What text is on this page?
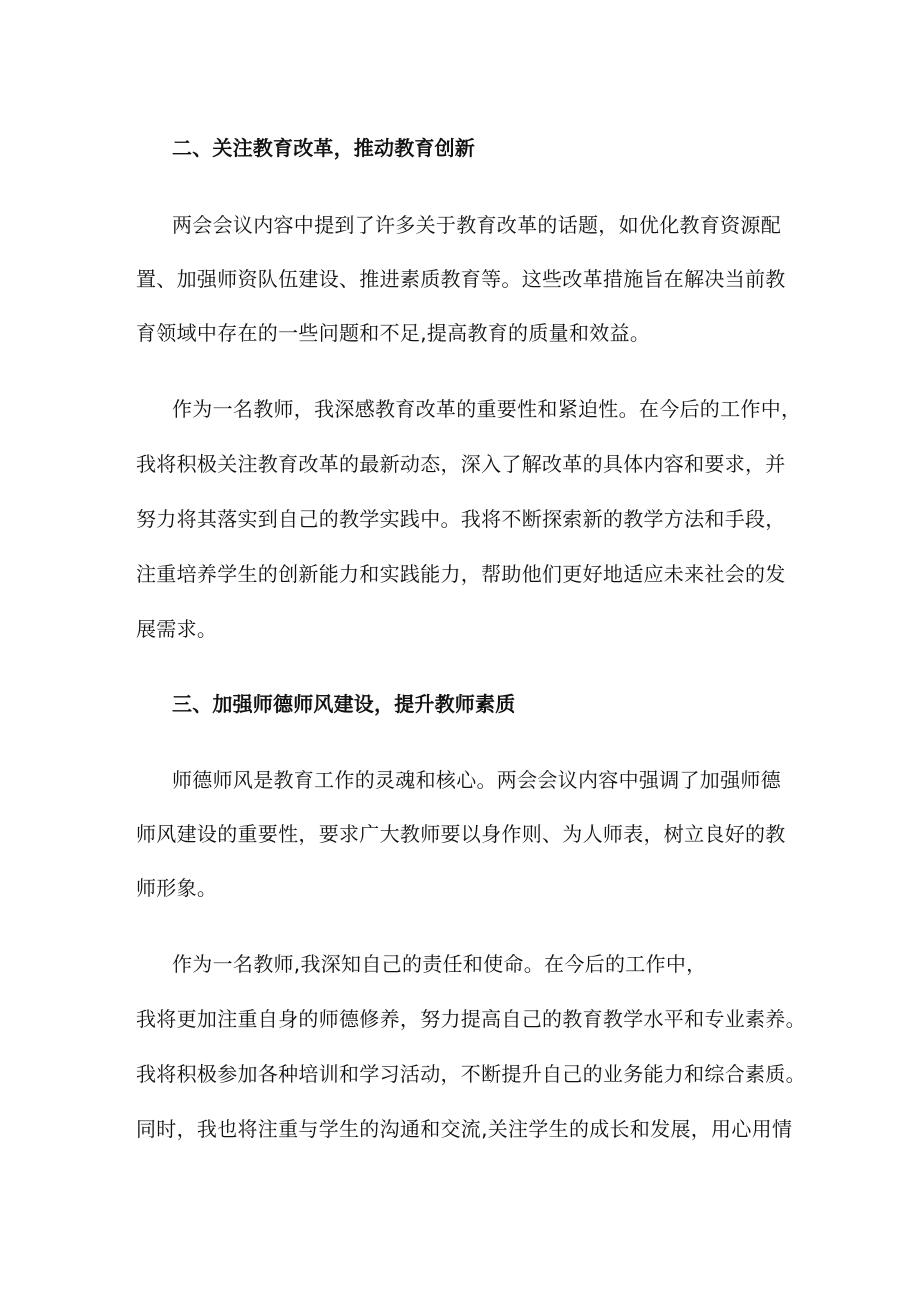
二、关注教育改革，推动教育创新
两会会议内容中提到了许多关于教育改革的话题，如优化教育资源配
置、加强师资队伍建设、推进素质教育等。这些改革措施旨在解决当前教
育领域中存在的一些问题和不足,提高教育的质量和效益。
作为一名教师，我深感教育改革的重要性和紧迫性。在今后的工作中，
我将积极关注教育改革的最新动态，深入了解改革的具体内容和要求，并
努力将其落实到自己的教学实践中。我将不断探索新的教学方法和手段，
注重培养学生的创新能力和实践能力，帮助他们更好地适应未来社会的发
展需求。
三、加强师德师风建设，提升教师素质
师德师风是教育工作的灵魂和核心。两会会议内容中强调了加强师德
师风建设的重要性，要求广大教师要以身作则、为人师表，树立良好的教
师形象。
作为一名教师,我深知自己的责任和使命。在今后的工作中，
我将更加注重自身的师德修养，努力提高自己的教育教学水平和专业素养。
我将积极参加各种培训和学习活动，不断提升自己的业务能力和综合素质。
同时，我也将注重与学生的沟通和交流,关注学生的成长和发展，用心用情
